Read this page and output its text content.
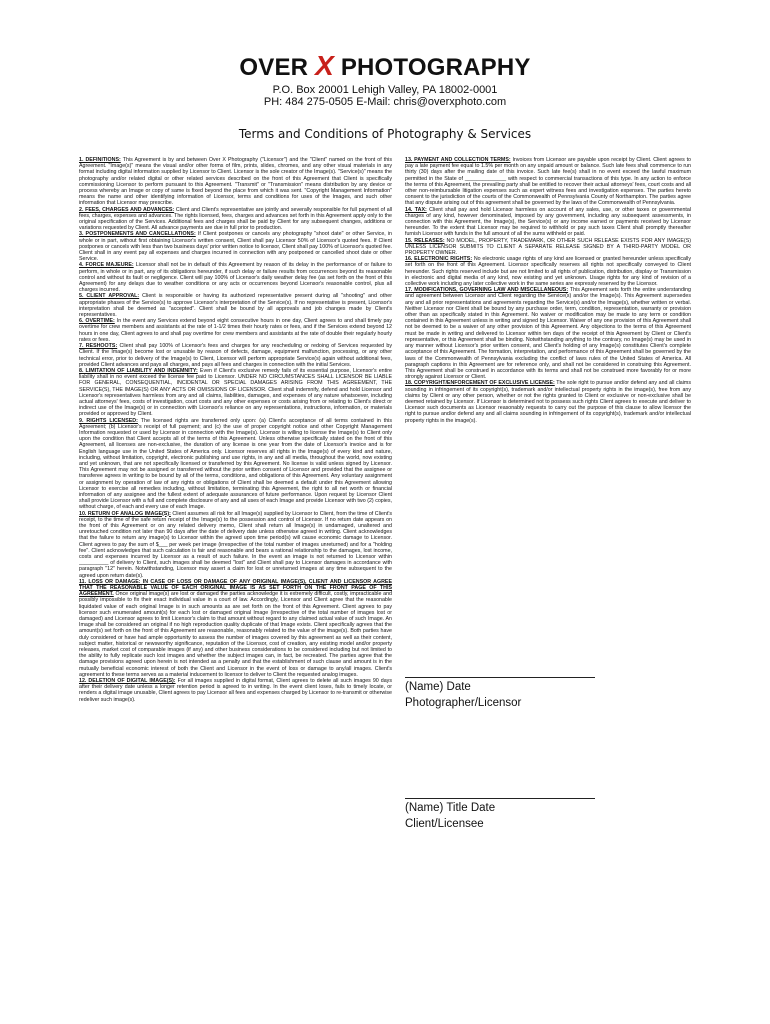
OVER X PHOTOGRAPHY
P.O. Box 20001 Lehigh Valley, PA 18002-0001
PH: 484 275-0505 E-Mail: chris@overxphoto.com
Terms and Conditions of Photography & Services

1. DEFINITIONS: This Agreement is by and between Over X Photography ("Licensor") and the "Client" named on the front of this Agreement. "Image(s)" means the visual and/or other forms of film, prints, slides, chromes, and any other visual materials in any format including digital information supplied by Licensor to Client. Licensor is the sole creator of the Image(s). "Service(s)" means the photography and/or related digital or other related services described on the front of this Agreement that Client is specifically commissioning Licensor to perform pursuant to this Agreement. "Transmit" or "Transmission" means distribution by any device or process whereby an Image or copy of same is fixed beyond the place from which it was sent. "Copyright Management Information" means the name and other identifying information of Licensor, terms and conditions for uses of the Images, and such other information that Licensor may prescribe.

2. FEES, CHARGES AND ADVANCES: Client and Client's representative are jointly and severally responsible for full payment of all fees, charges, expenses and advances. The rights licensed, fees, charges and advances set forth in this Agreement apply only to the original specification of the Services. Additional fees and charges shall be paid by Client for any subsequent changes, additions or variations requested by Client. All advance payments are due in full prior to production.

3. POSTPONEMENTS AND CANCELLATIONS: If Client postpones or cancels any photography "shoot date" or other Service, in whole or in part, without first obtaining Licensor's written consent, Client shall pay Licensor 50% of Licensor's quoted fees. If Client postpones or cancels with less than two business days' prior written notice to licensor, Client shall pay 100% of Licensor's quoted fee. Client shall in any event pay all expenses and charges incurred in connection with any postponed or cancelled shoot date or other Service.

4. FORCE MAJEURE: Licensor shall not be in default of this Agreement by reason of its delay in the performance of or failure to perform, in whole or in part, any of its obligations hereunder, if such delay or failure results from occurrences beyond its reasonable control and without its fault or negligence. Client will pay 100% of Licensor's daily weather delay fee (as set forth on the front of this Agreement) for any delays due to weather conditions or any acts or occurrences beyond Licensor's reasonable control, plus all charges incurred.

5. CLIENT APPROVAL: Client is responsible or having its authorized representative present during all "shooting" and other appropriate phases of the Service(s) to approve Licensor's interpretation of the Service(s). If no representative is present, Licensor's interpretation shall be deemed as "accepted". Client shall be bound by all approvals and job changes made by Client's representatives.

6. OVERTIME: In the event any Services extend beyond eight consecutive hours in one day, Client agrees to and shall timely pay overtime for crew members and assistants at the rate of 1-1/2 times their hourly rates or fees, and if the Services extend beyond 12 hours in one day, Client agrees to and shall pay overtime for crew members and assistants at the rate of double their regularly hourly rates or fees.

7. RESHOOTS: Client shall pay 100% of Licensor's fees and charges for any rescheduling or redoing of Services requested by Client. If the Image(s) become lost or unusable by reason of defects, damage, equipment malfunction, processing, or any other technical error, prior to delivery of the Image(s) to Client, Licensor will perform appropriate Service(s) again without additional fees, provided Client advances and pays all charges, and pays all fees and charges in connection with the initial Services.

8. LIMITATION OF LIABILITY AND INDEMNITY: Even if Client's exclusive remedy fails of its essential purpose, Licensor's entire liability shall in no event exceed the license fee paid to Licensor. UNDER NO CIRCUMSTANCES SHALL LICENSOR BE LIABLE FOR GENERAL, CONSEQUENTIAL, INCIDENTAL OR SPECIAL DAMAGES ARISING FROM THIS AGREEMENT, THE SERVICE(S), THE IMAGE(S) OR ANY ACTS OR OMISSIONS OF LICENSOR. Client shall indemnify, defend and hold Licensor and Licensor's representatives harmless from any and all claims, liabilities, damages, and expenses of any nature whatsoever, including actual attorneys' fees, costs of investigation, court costs and any other expenses or costs arising from or relating to Client's direct or indirect use of the Image(s) or in connection with Licensor's reliance on any representations, instructions, information, or materials provided or approved by Client.

9. RIGHTS LICENSED: The licensed rights are transferred only upon: (a) Client's acceptance of all terms contained in this Agreement; (b) Licensor's receipt of full payment; and (c) the use of proper copyright notice and other Copyright Management Information requested or used by Licensor in connection with the Image(s). Licensor is willing to license the Image(s) to Client only upon the condition that Client accepts all of the terms of this Agreement. Unless otherwise specifically stated on the front of this Agreement, all licenses are non-exclusive, the duration of any license is one year from the date of Licensor's invoice and is for English language use in the United States of America only. Licensor reserves all rights in the Image(s) of every kind and nature, including, without limitation, copyright, electronic publishing and use rights, in any and all media, throughout the world, now existing and yet unknown, that are not specifically licensed or transferred by this Agreement. No license is valid unless signed by Licensor. This Agreement may not be assigned or transferred without the prior written consent of Licensor and provided that the assignee or transferee agrees in writing to be bound by all of the terms, conditions, and obligations of this Agreement. Any voluntary assignment or assignment by operation of law of any rights or obligations of Client shall be deemed a default under this Agreement allowing Licensor to exercise all remedies including, without limitation, terminating this Agreement, the right to all net worth or financial information of any assignee and the fullest extent of adequate assurances of future performance. Upon request by Licensor Client shall provide Licensor with a full and complete disclosure of any and all uses of each Image and provide Licensor with two (2) copies, without charge, of each and every use of each Image.

10. RETURN OF ANALOG IMAGE(S): Client assumes all risk for all Image(s) supplied by Licensor to Client, from the time of Client's receipt, to the time of the safe return receipt of the Image(s) to the possession and control of Licensor. If no return date appears on the front of this Agreement or on any related delivery memo, Client shall return all Image(s) in undamaged, unaltered and unretouched condition not later than 90 days after the date of delivery date unless otherwise agreed in writing. Client acknowledges that the failure to return any image(s) to Licensor within the agreed upon time period(s) will cause economic damage to Licensor. Client agrees to pay the sum of $___ per week per image (irrespective of the total number of images unreturned) and for a "holding fee". Client acknowledges that such calculation is fair and reasonable and bears a rational relationship to the damages, lost income, costs and expenses incurred by Licensor as a result of such failure. In the event an image is not returned to Licensor within __________ of delivery to Client, such images shall be deemed "lost" and Client shall pay to Licensor damages in accordance with paragraph "12" herein. Notwithstanding, Licensor may assert a claim for lost or unreturned images at any time subsequent to the agreed upon return date(s).

11. LOSS OR DAMAGE: IN CASE OF LOSS OR DAMAGE OF ANY ORIGINAL IMAGE(S), CLIENT AND LICENSOR AGREE THAT THE REASONABLE VALUE OF EACH ORIGINAL IMAGE IS AS SET FORTH ON THE FRONT PAGE OF THIS AGREEMENT. Once original image(s) are lost or damaged the parties acknowledge it is extremely difficult, costly, impracticable and possibly impossible to fix their exact individual value in a court of law. Accordingly, Licensor and Client agree that the reasonable liquidated value of each original Image is in such amounts as are set forth on the front of this Agreement. Client agrees to pay licensor such enumerated amount(s) for each lost or damaged original Image (irrespective of the total number of images lost or damaged) and Licensor agrees to limit Licensor's claim to that amount without regard to any claimed actual value of such Image. An Image shall be considered an original if no high reproduction quality duplicate of that Image exists. Client specifically agrees that the amount(s) set forth on the front of this Agreement are reasonable, reasonably related to the value of the image(s). Both parties have duly considered or have had ample opportunity to assess the number of images covered by this agreement as well as their content, subject matter, historical or newsworthy significance, reputation of the Licensor, cost of creation, any existing model and/or property releases, market cost of comparable images (if any) and other business considerations to be considered including but not limited to the ability to fully replicate such lost images and whether the subject images can, in fact, be recreated. The parties agree that the damage provisions agreed upon herein is not intended as a penalty and that the establishment of such clause and amount is in the mutually beneficial economic interest of both the Client and Licensor in the event of loss or damage to any/all images. Client's agreement to these terms serves as a material inducement to licensor to deliver to Client the requested analog images.

12. DELETION OF DIGITAL IMAGE(S): For all images supplied in digital format, Client agrees to delete all such images 90 days after their delivery date unless a longer retention period is agreed to in writing. In the event client loses, fails to timely locate, or renders a digital image unusable, Client agrees to pay Licensor all fees and expenses charged by Licensor to re-transmit or otherwise redeliver such image(s).

13. PAYMENT AND COLLECTION TERMS: Invoices from Licensor are payable upon receipt by Client. Client agrees to pay a late payment fee equal to 1.5% per month on any unpaid amount or balance. Such late fees shall commence to run thirty (30) days after the mailing date of this invoice. Such late fee(s) shall in no event exceed the lawful maximum permitted in the State of ______________ with respect to commercial transactions of this type. In any action to enforce the terms of this Agreement, the prevailing party shall be entitled to recover their actual attorneys' fees, court costs and all other non-reimbursable litigation expenses such as expert witness fees and investigation expenses. The parties hereto consent to the jurisdiction of the courts of the Commonwealth of Pennsylvania County of Northampton. The parties agree that any dispute arising out of this agreement shall be governed by the laws of the Commonwealth of Pennsylvania.

14. TAX: Client shall pay and hold Licensor harmless on account of any sales, use, or other taxes or governmental charges of any kind, however denominated, imposed by any government, including any subsequent assessments, in connection with this Agreement, the Image(s), the Service(s) or any income earned or payments received by Licensor hereunder. To the extent that Licensor may be required to withhold or pay such taxes Client shall promptly thereafter furnish Licensor with funds in the full amount of all the sums withheld or paid.

15. RELEASES: NO MODEL, PROPERTY, TRADEMARK, OR OTHER SUCH RELEASE EXISTS FOR ANY IMAGE(S) UNLESS LICENSOR SUBMITS TO CLIENT A SEPARATE RELEASE SIGNED BY A THIRD-PARTY MODEL OR PROPERTY OWNER.

16. ELECTRONIC RIGHTS: No electronic usage rights of any kind are licensed or granted hereunder unless specifically set forth on the front of this Agreement. Licensor specifically reserves all rights not specifically conveyed to Client hereunder. Such rights reserved include but are not limited to all rights of publication, distribution, display or Transmission in electronic and digital media of any kind, now existing and yet unknown. Usage rights for any kind of revision of a collective work including any later collective work in the same series are expressly reserved by the Licensor.

17. MODIFICATIONS, GOVERNING LAW AND MISCELLANEOUS: This Agreement sets forth the entire understanding and agreement between Licensor and Client regarding the Service(s) and/or the Image(s). This Agreement supersedes any and all prior representations and agreements regarding the Service(s) and/or the Image(s), whether written or verbal. Neither Licensor nor Client shall be bound by any purchase order, term, condition, representation, warranty or provision other than as specifically stated in this Agreement. No waiver or modification may be made to any term or condition contained in this Agreement unless in writing and signed by Licensor. Waiver of any one provision of this Agreement shall not be deemed to be a waiver of any other provision of this Agreement. Any objections to the terms of this Agreement must be made in writing and delivered to Licensor within ten days of the receipt of this Agreement by Client or Client's representative, or this Agreement shall be binding. Notwithstanding anything to the contrary, no Image(s) may be used in any manner without Licensor's prior written consent, and Client's holding of any Image(s) constitutes Client's complete acceptance of this Agreement. The formation, interpretation, and performance of this Agreement shall be governed by the laws of the Commonwealth of Pennsylvania excluding the conflict of laws rules of the United States of America. All paragraph captions in this Agreement are for reference only, and shall not be considered in construing this Agreement. This Agreement shall be construed in accordance with its terms and shall not be construed more favorably for or more strongly against Licensor or Client.

18. COPYRIGHT/ENFORCEMENT OF EXCLUSIVE LICENSE: The sole right to pursue and/or defend any and all claims sounding in infringement of its copyright(s), trademark and/or intellectual property rights in the image(s), free from any claims by Client or any other person, whether or not the rights granted to Client or exclusive or non-exclusive shall be deemed retained by Licensor. If Licensor is determined not to possess such rights Client agrees to execute and deliver to Licensor such documents as Licensor reasonably requests to carry out the purpose of this clause to allow licensor the right to pursue and/or defend any and all claims sounding in infringement of its copyright(s), trademark and/or intellectual property rights in the image(s).

(Name) Date
Photographer/Licensor
(Name) Title Date
Client/Licensee
